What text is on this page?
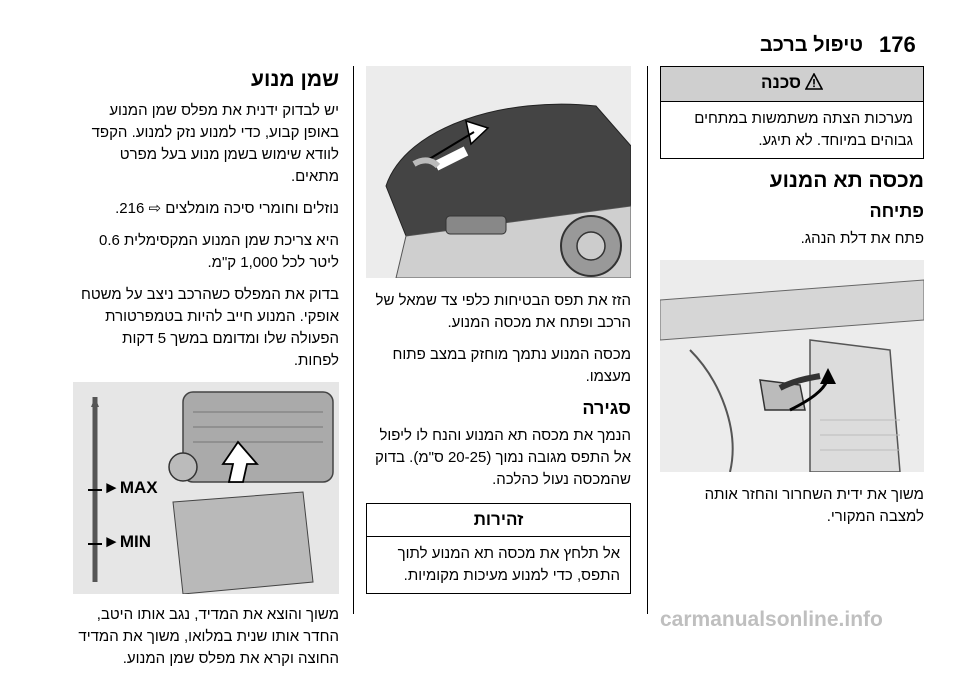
176
טיפול ברכב
סכנה
מערכות הצתה משתמשות במתחים גבוהים במיוחד. לא תיגע.
מכסה תא המנוע
פתיחה

פתח את דלת הנהג.

משוך את ידית השחרור והחזר אותה למצבה המקורי.

הזז את תפס הבטיחות כלפי צד שמאל של הרכב ופתח את מכסה המנוע.

מכסה המנוע נתמך מוחזק במצב פתוח מעצמו.

סגירה

הנמך את מכסה תא המנוע והנח לו ליפול אל התפס מגובה נמוך (20-25 ס"מ). בדוק שהמכסה נעול כהלכה.

זהירות
אל תלחץ את מכסה תא המנוע לתוך התפס, כדי למנוע מעיכות מקומיות.
שמן מנוע

יש לבדוק ידנית את מפלס שמן המנוע באופן קבוע, כדי למנוע נזק למנוע. הקפד לוודא שימוש בשמן מנוע בעל מפרט מתאים.

נוזלים וחומרי סיכה מומלצים ⇨ 216.

היא צריכת שמן המנוע המקסימלית 0.6 ליטר לכל 1,000 ק"מ.

בדוק את המפלס כשהרכב ניצב על משטח אופקי. המנוע חייב להיות בטמפרטורת הפעולה שלו ומדומם במשך 5 דקות לפחות.

►MAX
►MIN

משוך והוצא את המדיד, נגב אותו היטב, החדר אותו שנית במלואו, משוך את המדיד החוצה וקרא את מפלס שמן המנוע.

carmanualsonline.info
